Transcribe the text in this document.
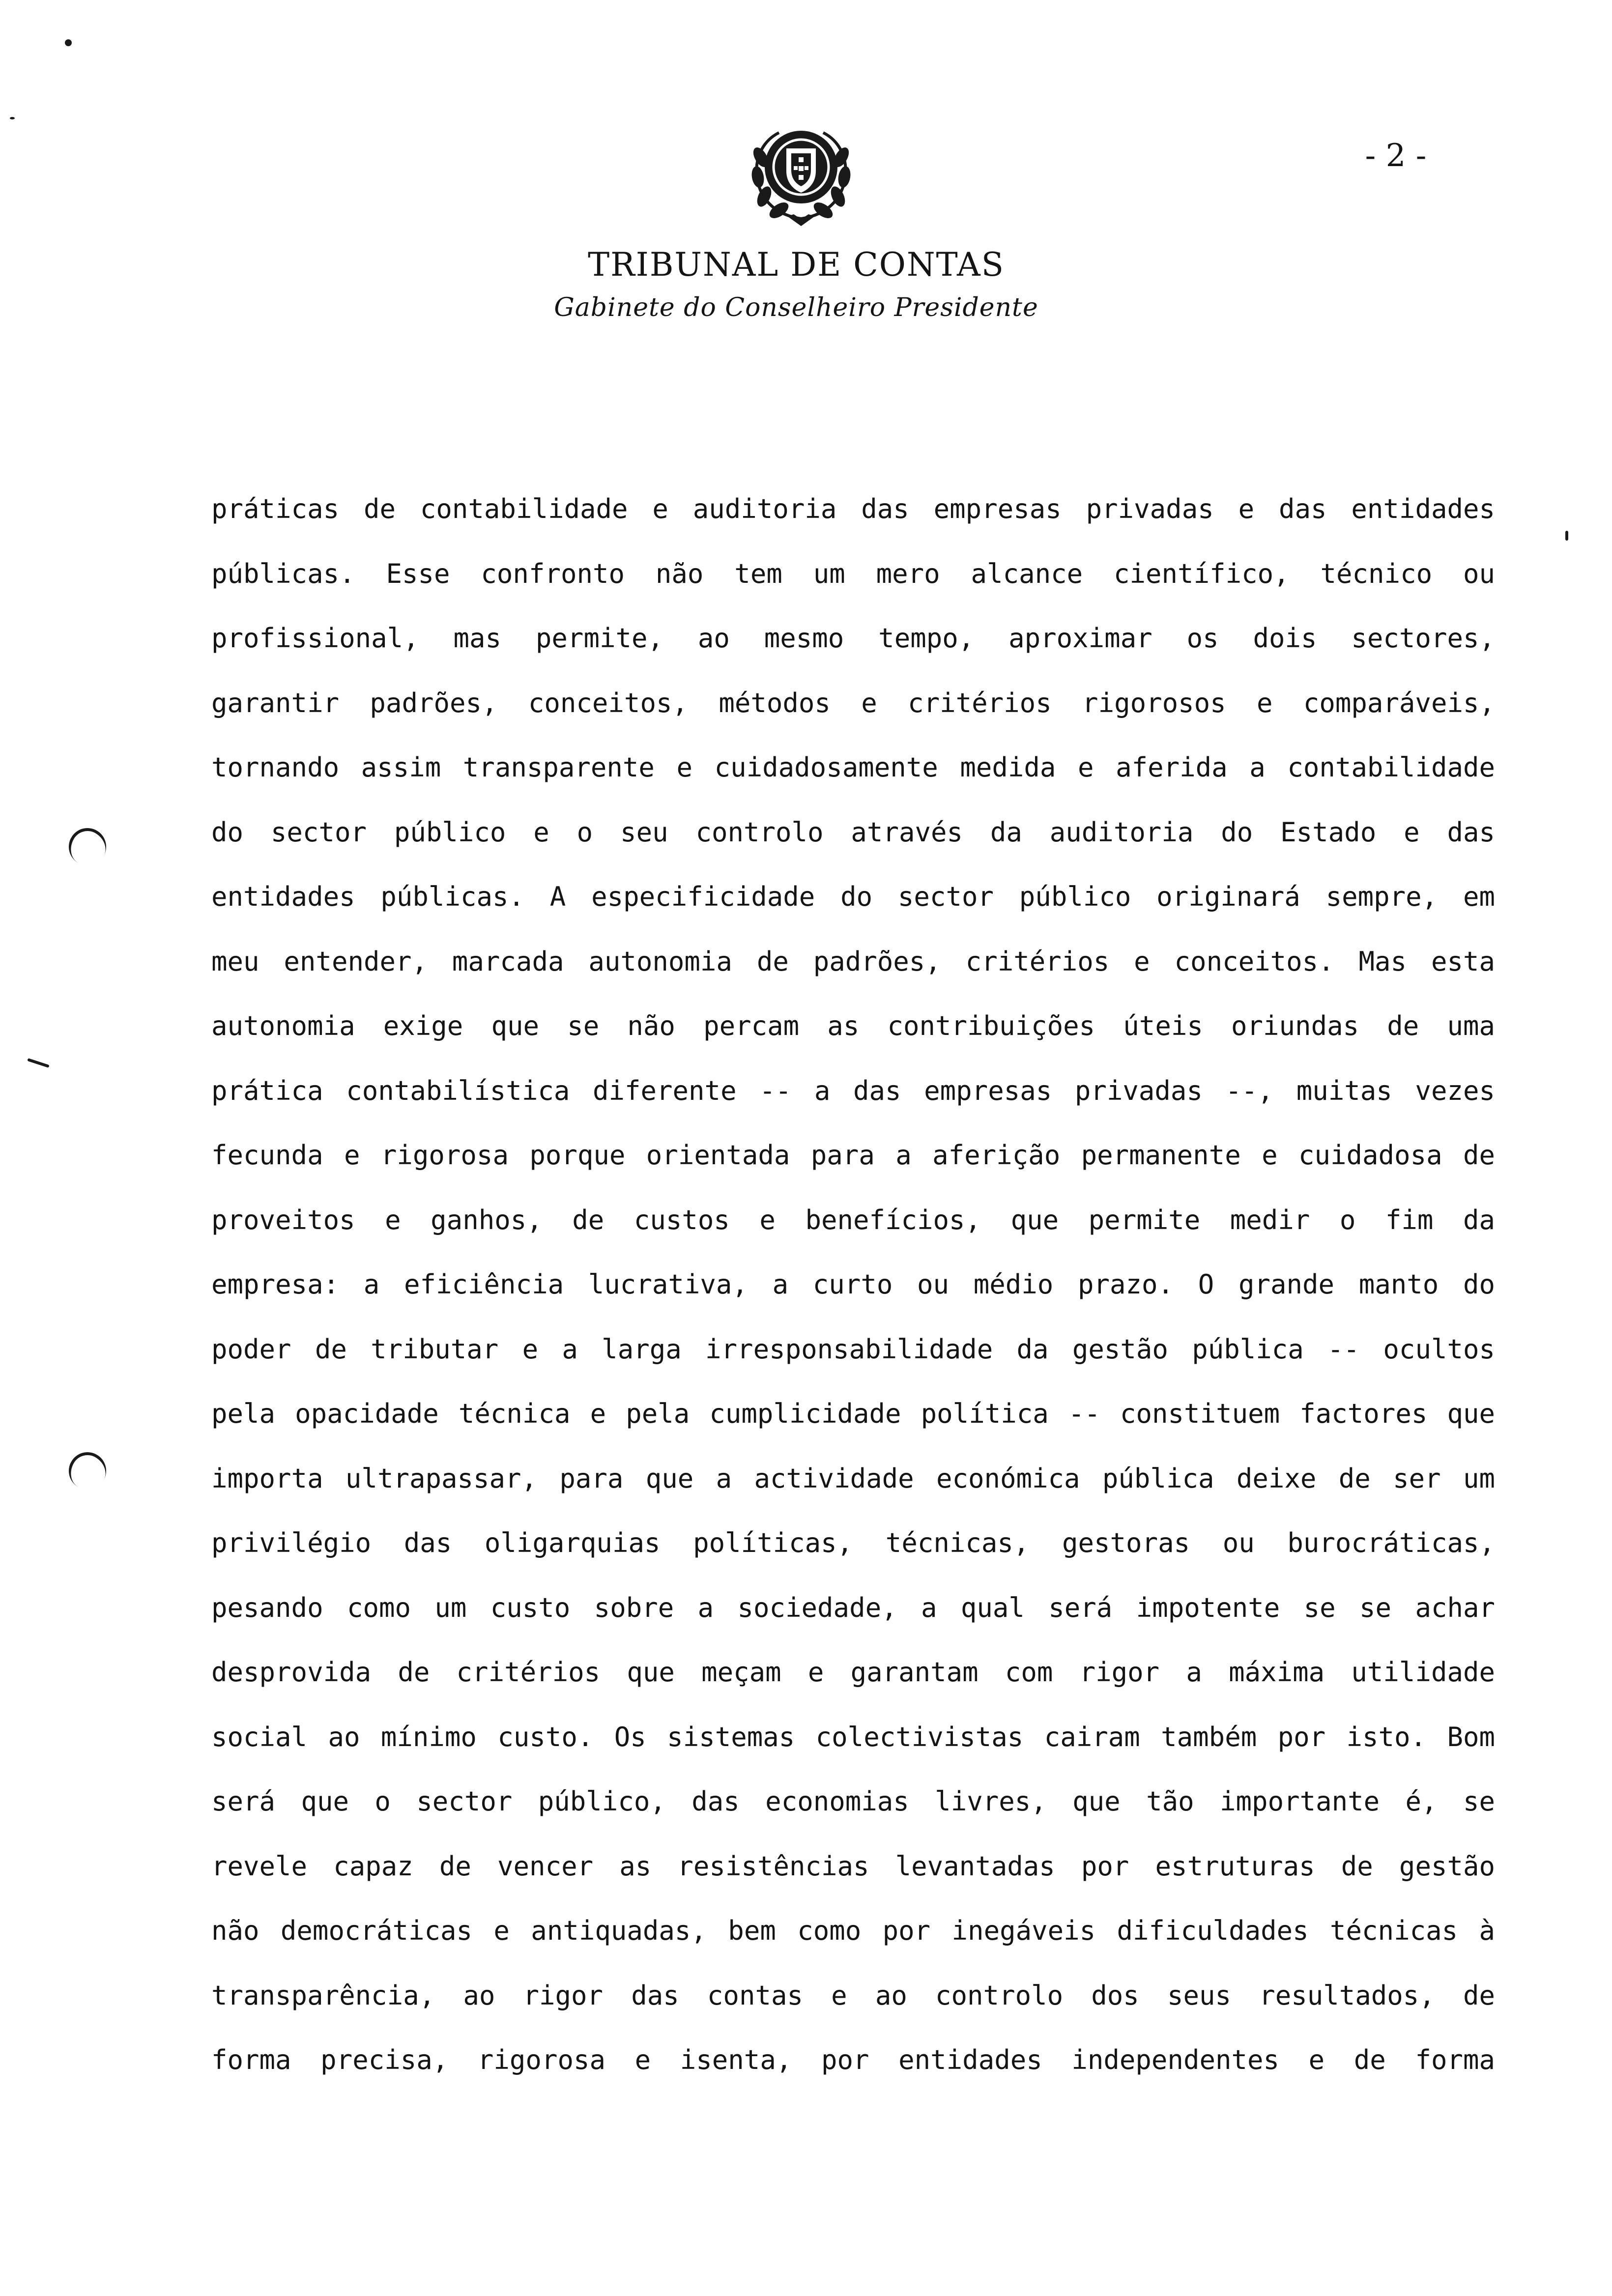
- 2 -
TRIBUNAL DE CONTAS
Gabinete do Conselheiro Presidente
práticas de contabilidade e auditoria das empresas privadas e das entidades
públicas. Esse confronto não tem um mero alcance científico, técnico ou
profissional, mas permite, ao mesmo tempo, aproximar os dois sectores,
garantir padrões, conceitos, métodos e critérios rigorosos e comparáveis,
tornando assim transparente e cuidadosamente medida e aferida a contabilidade
do sector público e o seu controlo através da auditoria do Estado e das
entidades públicas. A especificidade do sector público originará sempre, em
meu entender, marcada autonomia de padrões, critérios e conceitos. Mas esta
autonomia exige que se não percam as contribuições úteis oriundas de uma
prática contabilística diferente -- a das empresas privadas --, muitas vezes
fecunda e rigorosa porque orientada para a aferição permanente e cuidadosa de
proveitos e ganhos, de custos e benefícios, que permite medir o fim da
empresa: a eficiência lucrativa, a curto ou médio prazo. O grande manto do
poder de tributar e a larga irresponsabilidade da gestão pública -- ocultos
pela opacidade técnica e pela cumplicidade política -- constituem factores que
importa ultrapassar, para que a actividade económica pública deixe de ser um
privilégio das oligarquias políticas, técnicas, gestoras ou burocráticas,
pesando como um custo sobre a sociedade, a qual será impotente se se achar
desprovida de critérios que meçam e garantam com rigor a máxima utilidade
social ao mínimo custo. Os sistemas colectivistas cairam também por isto. Bom
será que o sector público, das economias livres, que tão importante é, se
revele capaz de vencer as resistências levantadas por estruturas de gestão
não democráticas e antiquadas, bem como por inegáveis dificuldades técnicas à
transparência, ao rigor das contas e ao controlo dos seus resultados, de
forma precisa, rigorosa e isenta, por entidades independentes e de forma
